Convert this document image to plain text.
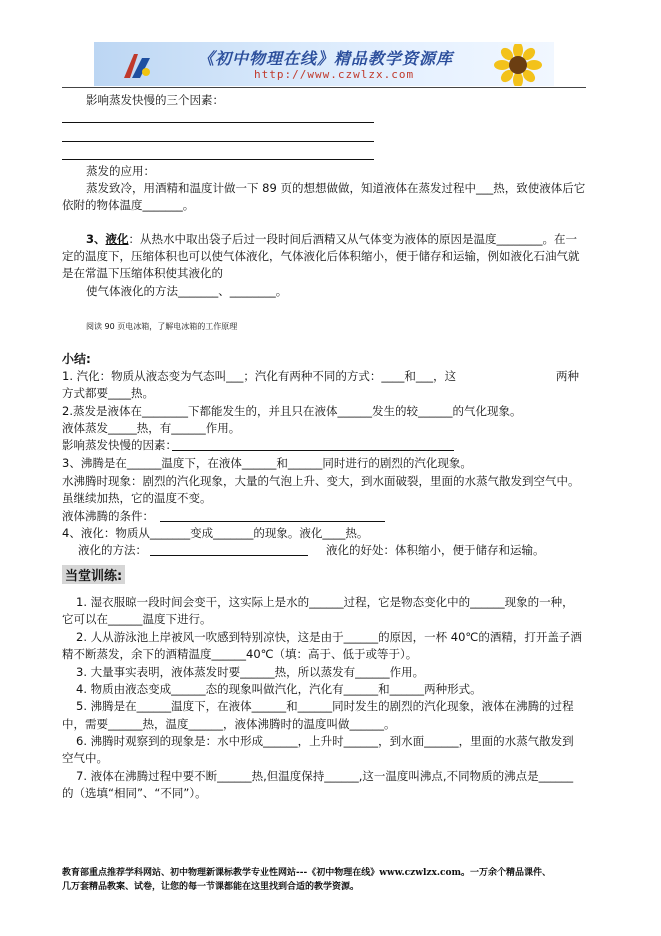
《初中物理在线》精品教学资源库
http://www.czwlzx.com
影响蒸发快慢的三个因素：
蒸发的应用：
蒸发致冷，用酒精和温度计做一下 89 页的想想做做，知道液体在蒸发过程中___热，致使液体后它
依附的物体温度_______。
3、液化：从热水中取出袋子后过一段时间后酒精又从气体变为液体的原因是温度________。在一
定的温度下，压缩体积也可以使气体液化，气体液化后体积缩小，便于储存和运输，例如液化石油气就
是在常温下压缩体积使其液化的
使气体液化的方法_______、________。
阅读 90 页电冰箱，了解电冰箱的工作原理
小结:
1. 汽化：物质从液态变为气态叫___；汽化有两种不同的方式：____和___，这	两种
方式都要____热。
2.蒸发是液体在________下都能发生的，并且只在液体______发生的较______的气化现象。
液体蒸发_____热，有______作用。
影响蒸发快慢的因素：
3、沸腾是在______温度下，在液体______和______同时进行的剧烈的汽化现象。
水沸腾时现象：剧烈的汽化现象，大量的气泡上升、变大，到水面破裂，里面的水蒸气散发到空气中。
虽继续加热，它的温度不变。
液体沸腾的条件：
4、液化：物质从_______变成_______的现象。液化____热。
液化的方法：	液化的好处：体积缩小，便于储存和运输。
当堂训练:
1. 湿衣服晾一段时间会变干，这实际上是水的______过程，它是物态变化中的______现象的一种，
它可以在______温度下进行。
2. 人从游泳池上岸被风一吹感到特别凉快，这是由于______的原因，一杯 40℃的酒精，打开盖子酒
精不断蒸发，余下的酒精温度______40℃（填：高于、低于或等于）。
3. 大量事实表明，液体蒸发时要______热，所以蒸发有______作用。
4. 物质由液态变成______态的现象叫做汽化，汽化有______和______两种形式。
5. 沸腾是在______温度下，在液体______和______同时发生的剧烈的汽化现象，液体在沸腾的过程
中，需要______热，温度______，液体沸腾时的温度叫做______。
6. 沸腾时观察到的现象是：水中形成______，上升时______，到水面______，里面的水蒸气散发到
空气中。
7. 液体在沸腾过程中要不断______热,但温度保持______,这一温度叫沸点,不同物质的沸点是______
的（选填“相同”、“不同”）。
教育部重点推荐学科网站、初中物理新课标教学专业性网站---《初中物理在线》www.czwlzx.com。一万余个精品课件、
几万套精品教案、试卷，让您的每一节课都能在这里找到合适的教学资源。
